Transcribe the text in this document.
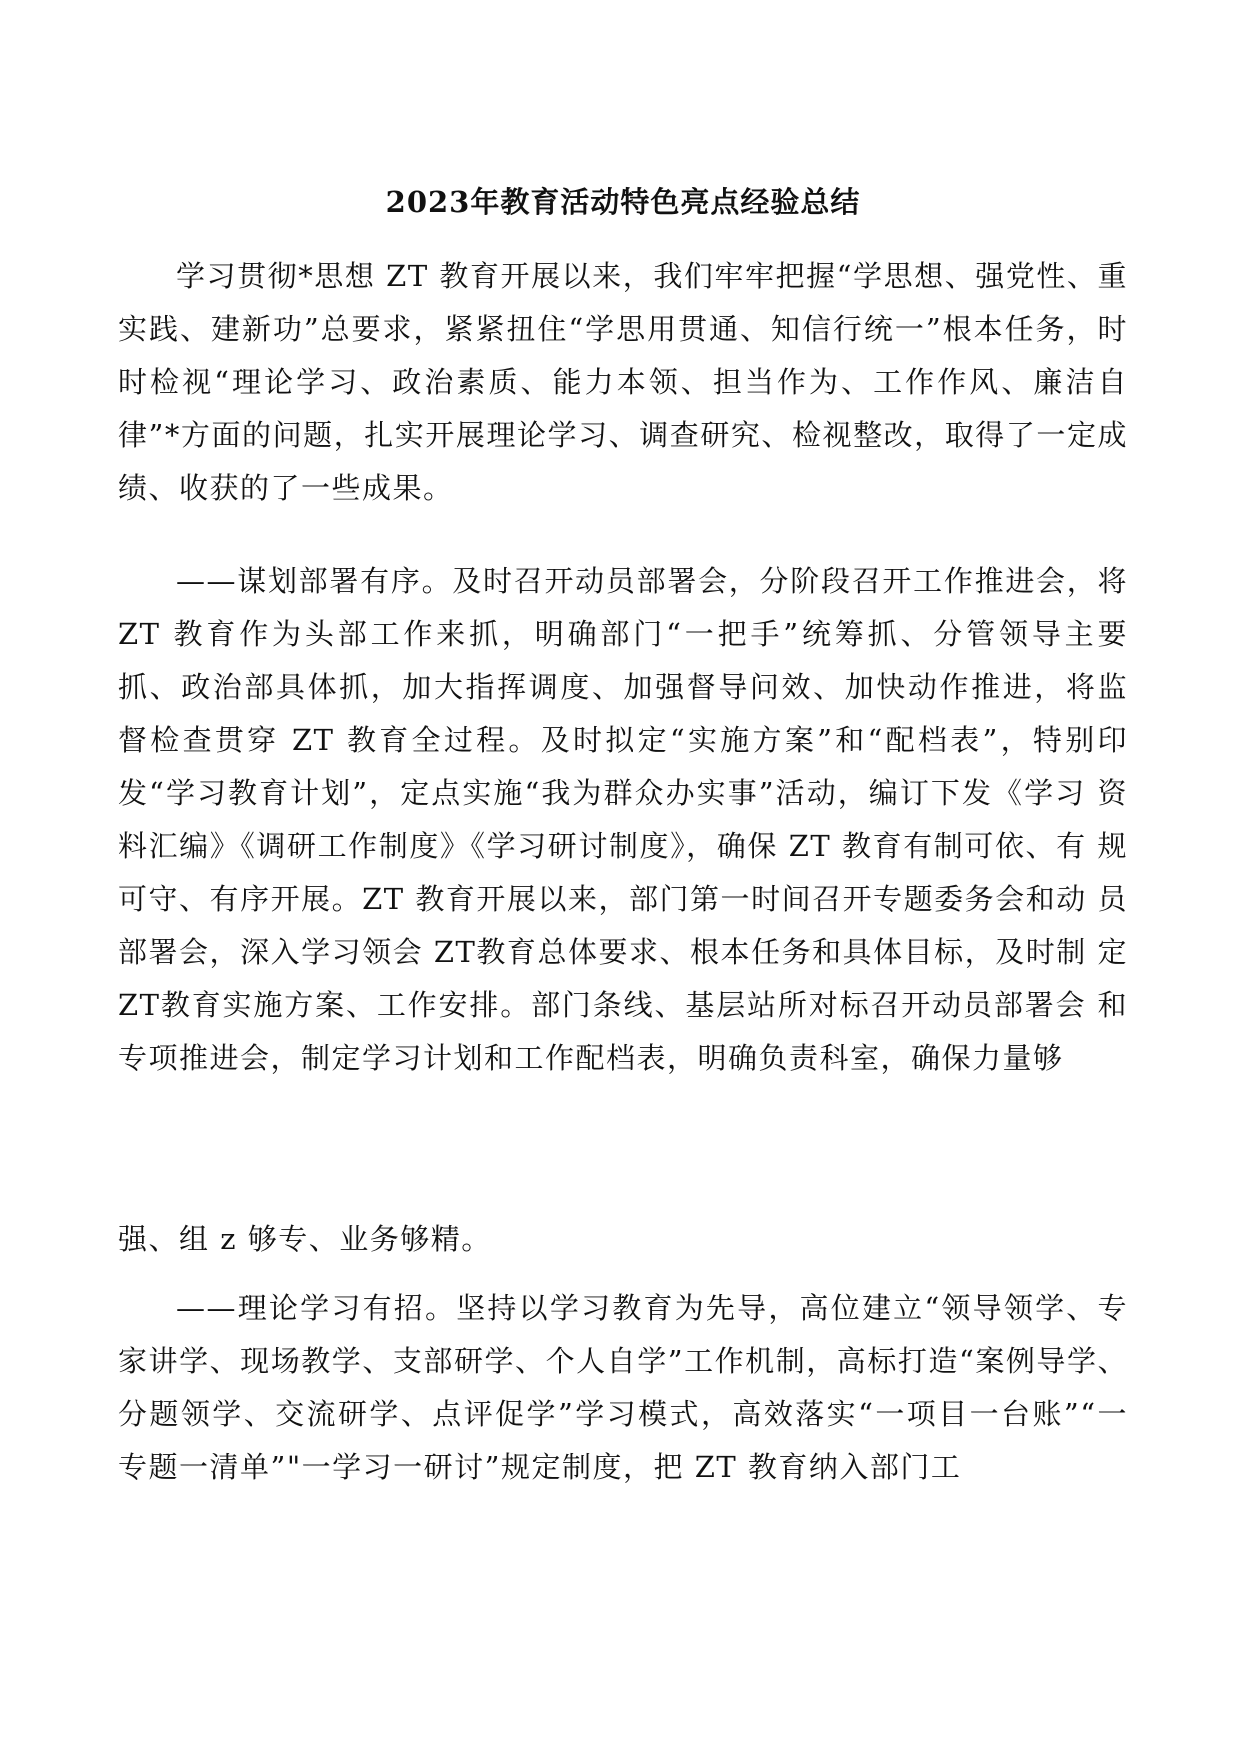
2023年教育活动特色亮点经验总结

学习贯彻*思想 ZT 教育开展以来，我们牢牢把握“学思想、强党性、重实践、建新功”总要求，紧紧扭住“学思用贯通、知信行统一”根本任务，时时检视“理论学习、政治素质、能力本领、担当作为、工作作风、廉洁自律”*方面的问题，扎实开展理论学习、调查研究、检视整改，取得了一定成绩、收获的了一些成果。

——谋划部署有序。及时召开动员部署会，分阶段召开工作推进会，将 ZT 教育作为头部工作来抓，明确部门“一把手”统筹抓、分管领导主要 抓、政治部具体抓，加大指挥调度、加强督导问效、加快动作推进，将监 督检查贯穿 ZT 教育全过程。及时拟定“实施方案”和“配档表”，特别印 发“学习教育计划”，定点实施“我为群众办实事”活动，编订下发《学习 资料汇编》《调研工作制度》《学习研讨制度》，确保 ZT 教育有制可依、有 规可守、有序开展。ZT 教育开展以来，部门第一时间召开专题委务会和动 员部署会，深入学习领会 ZT教育总体要求、根本任务和具体目标，及时制 定ZT教育实施方案、工作安排。部门条线、基层站所对标召开动员部署会 和专项推进会，制定学习计划和工作配档表，明确负责科室，确保力量够

强、组 z 够专、业务够精。

——理论学习有招。坚持以学习教育为先导，高位建立“领导领学、专家讲学、现场教学、支部研学、个人自学”工作机制，高标打造“案例导学、分题领学、交流研学、点评促学”学习模式，高效落实“一项目一台账”“一专题一清单”"一学习一研讨”规定制度，把 ZT 教育纳入部门工
